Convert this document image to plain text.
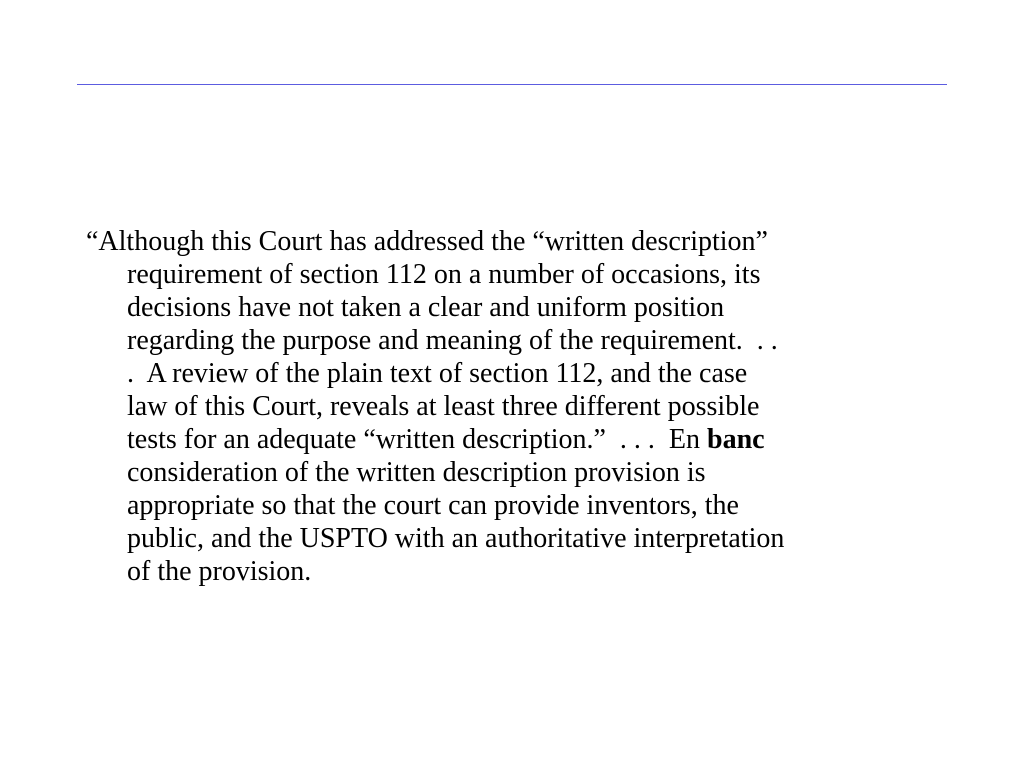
“Although this Court has addressed the “written description”
requirement of section 112 on a number of occasions, its
decisions have not taken a clear and uniform position
regarding the purpose and meaning of the requirement.  . .
.  A review of the plain text of section 112, and the case
law of this Court, reveals at least three different possible
tests for an adequate “written description.”  . . .  En banc
consideration of the written description provision is
appropriate so that the court can provide inventors, the
public, and the USPTO with an authoritative interpretation
of the provision.
